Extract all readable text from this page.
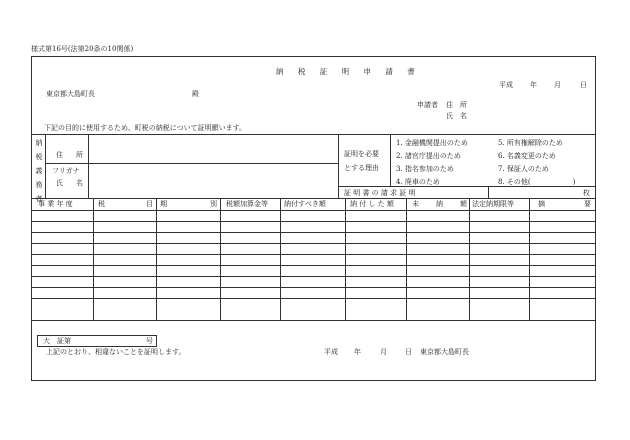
様式第16号(法第20条の10関係)
納 税 証 明 申 請 書
平成 年 月	日
東京都大島町長	殿
申請者 住　所
氏　名
下記の目的に使用するため、町税の納税について証明願います。
納税義務者
住　所
フリガナ
氏　名
証明を必要
とする理由
1. 金融機関提出のため
2. 諸官庁提出のため
3. 指名参加のため
4. 廃車のため
5. 所有権解除のため
6. 名義変更のため
7. 保証人のため
8. その他(　　　　　　)
証 明 書 の 請 求 証 明	枚
事 業 年 度	税	目 期	別 税額加算金等 納付すべき額	納 付 し た 額	未 納 額 法定納期限等	摘	要
大　証第	号
上記のとおり、相違ないことを証明します。	平成 年	月	日 東京都大島町長
